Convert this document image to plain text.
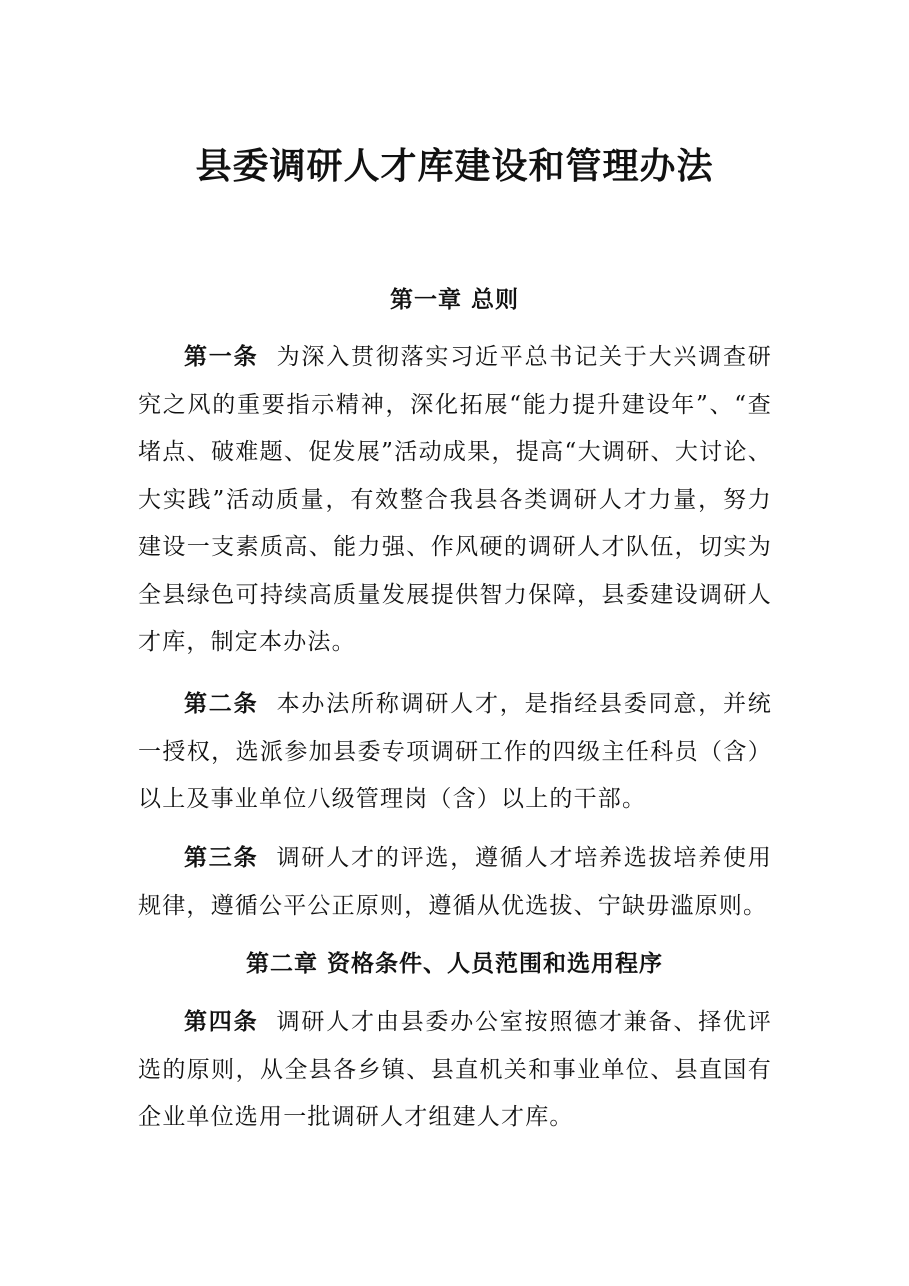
县委调研人才库建设和管理办法
第一章 总则

第一条 为深入贯彻落实习近平总书记关于大兴调查研究之风的重要指示精神，深化拓展“能力提升建设年”、“查堵点、破难题、促发展”活动成果，提高“大调研、大讨论、大实践”活动质量，有效整合我县各类调研人才力量，努力建设一支素质高、能力强、作风硬的调研人才队伍，切实为全县绿色可持续高质量发展提供智力保障，县委建设调研人才库，制定本办法。

第二条 本办法所称调研人才，是指经县委同意，并统一授权，选派参加县委专项调研工作的四级主任科员（含）以上及事业单位八级管理岗（含）以上的干部。

第三条 调研人才的评选，遵循人才培养选拔培养使用规律，遵循公平公正原则，遵循从优选拔、宁缺毋滥原则。

第二章 资格条件、人员范围和选用程序

第四条 调研人才由县委办公室按照德才兼备、择优评选的原则，从全县各乡镇、县直机关和事业单位、县直国有企业单位选用一批调研人才组建人才库。
